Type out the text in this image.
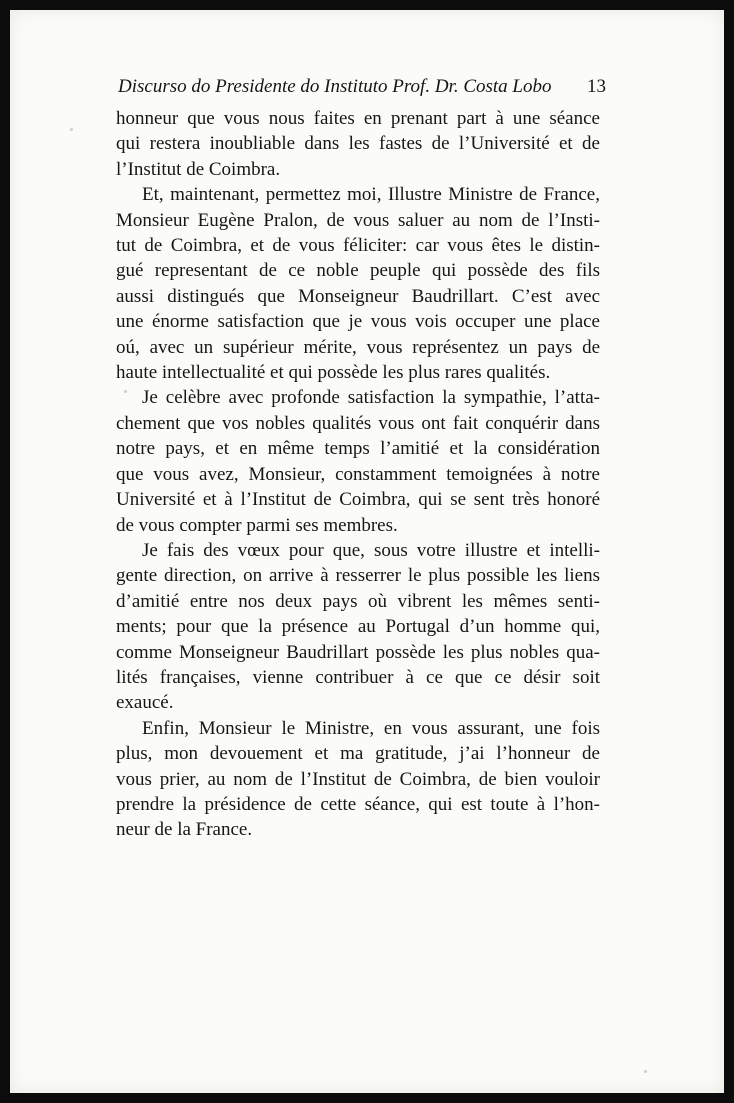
Discurso do Presidente do Instituto Prof. Dr. Costa Lobo 13

honneur que vous nous faites en prenant part à une séance
qui restera inoubliable dans les fastes de l’Université et de
l’Institut de Coimbra.

Et, maintenant, permettez moi, Illustre Ministre de France,
Monsieur Eugène Pralon, de vous saluer au nom de l’Insti-
tut de Coimbra, et de vous féliciter: car vous êtes le distin-
gué representant de ce noble peuple qui possède des fils
aussi distingués que Monseigneur Baudrillart. C’est avec
une énorme satisfaction que je vous vois occuper une place
oú, avec un supérieur mérite, vous représentez un pays de
haute intellectualité et qui possède les plus rares qualités.

Je celèbre avec profonde satisfaction la sympathie, l’atta-
chement que vos nobles qualités vous ont fait conquérir dans
notre pays, et en même temps l’amitié et la considération
que vous avez, Monsieur, constamment temoignées à notre
Université et à l’Institut de Coimbra, qui se sent très honoré
de vous compter parmi ses membres.

Je fais des vœux pour que, sous votre illustre et intelli-
gente direction, on arrive à resserrer le plus possible les liens
d’amitié entre nos deux pays où vibrent les mêmes senti-
ments; pour que la présence au Portugal d’un homme qui,
comme Monseigneur Baudrillart possède les plus nobles qua-
lités françaises, vienne contribuer à ce que ce désir soit
exaucé.

Enfin, Monsieur le Ministre, en vous assurant, une fois
plus, mon devouement et ma gratitude, j’ai l’honneur de
vous prier, au nom de l’Institut de Coimbra, de bien vouloir
prendre la présidence de cette séance, qui est toute à l’hon-
neur de la France.
